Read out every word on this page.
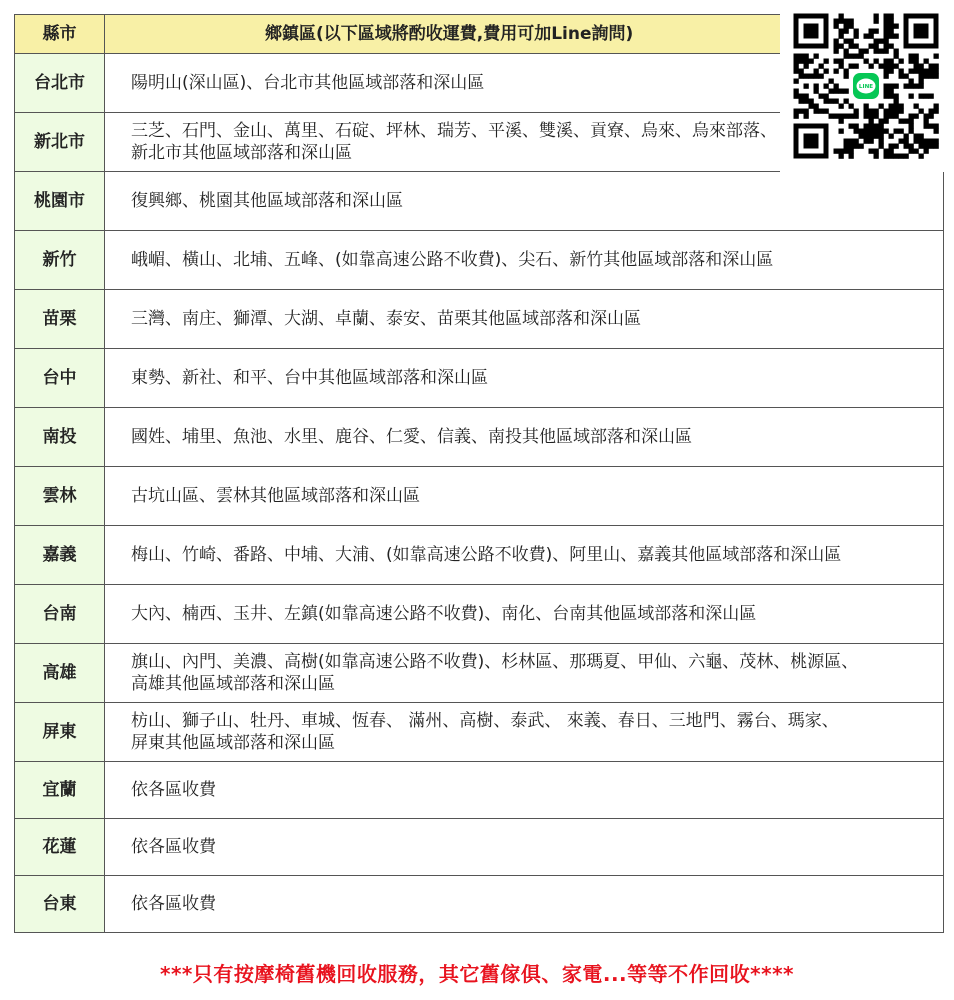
縣市	鄉鎮區(以下區域將酌收運費,費用可加Line詢問)
台北市	陽明山(深山區)、台北市其他區域部落和深山區

新北市	三芝、石門、金山、萬里、石碇、坪林、瑞芳、平溪、雙溪、貢寮、烏來、烏來部落、
新北市其他區域部落和深山區

桃園市	復興鄉、桃園其他區域部落和深山區

新竹	峨嵋、橫山、北埔、五峰、(如靠高速公路不收費)、尖石、新竹其他區域部落和深山區

苗栗	三灣、南庄、獅潭、大湖、卓蘭、泰安、苗栗其他區域部落和深山區

台中	東勢、新社、和平、台中其他區域部落和深山區

南投	國姓、埔里、魚池、水里、鹿谷、仁愛、信義、南投其他區域部落和深山區

雲林	古坑山區、雲林其他區域部落和深山區

嘉義	梅山、竹崎、番路、中埔、大浦、(如靠高速公路不收費)、阿里山、嘉義其他區域部落和深山區

台南	大內、楠西、玉井、左鎮(如靠高速公路不收費)、南化、台南其他區域部落和深山區

高雄	旗山、內門、美濃、高樹(如靠高速公路不收費)、杉林區、那瑪夏、甲仙、六龜、茂林、桃源區、
高雄其他區域部落和深山區

屏東	枋山、獅子山、牡丹、車城、恆春、 滿州、高樹、泰武、 來義、春日、三地門、霧台、瑪家、
屏東其他區域部落和深山區

宜蘭	依各區收費

花蓮	依各區收費

台東	依各區收費
LINE
***只有按摩椅舊機回收服務，其它舊傢俱、家電...等等不作回收****
